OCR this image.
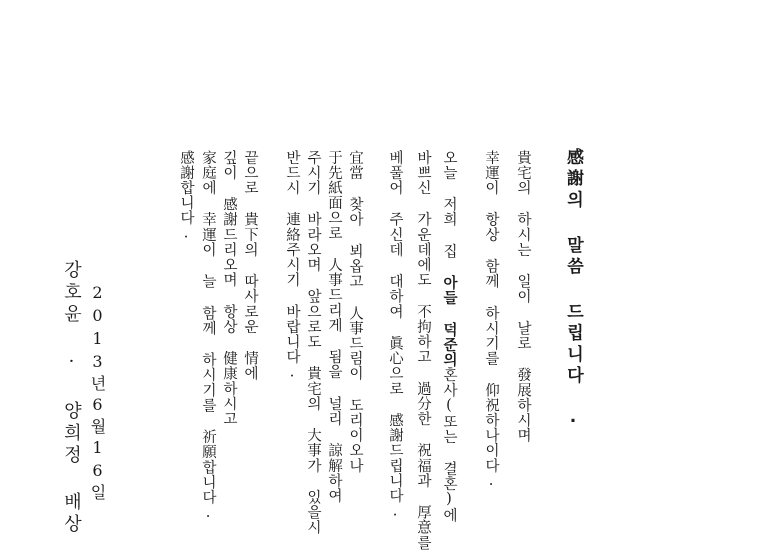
感謝의 말씀 드립니다 ·
貴宅의 하시는 일이 날로 發展하시며
幸運이 항상 함께 하시기를 仰祝하나이다.
오늘 저희 집 아들 덕준의혼사(또는 결혼)에
바쁘신 가운데에도 不拘하고 過分한 祝福과 厚意를
베풀어 주신데 대하여 眞心으로 感謝드립니다.
宜當 찾아 뵈옵고 人事드림이 도리이오나
于先紙面으로 人事드리게 됨을 널리 諒解하여
주시기 바라오며 앞으로도 貴宅의 大事가 있을시
반드시 連絡주시기 바랍니다.
끝으로 貴下의 따사로운 情에
깊이 感謝드리오며 항상 健康하시고
家庭에 幸運이 늘 함께 하시기를 祈願합니다.
感謝합니다.
2013년6월16일
강호윤 · 양희정 배상
